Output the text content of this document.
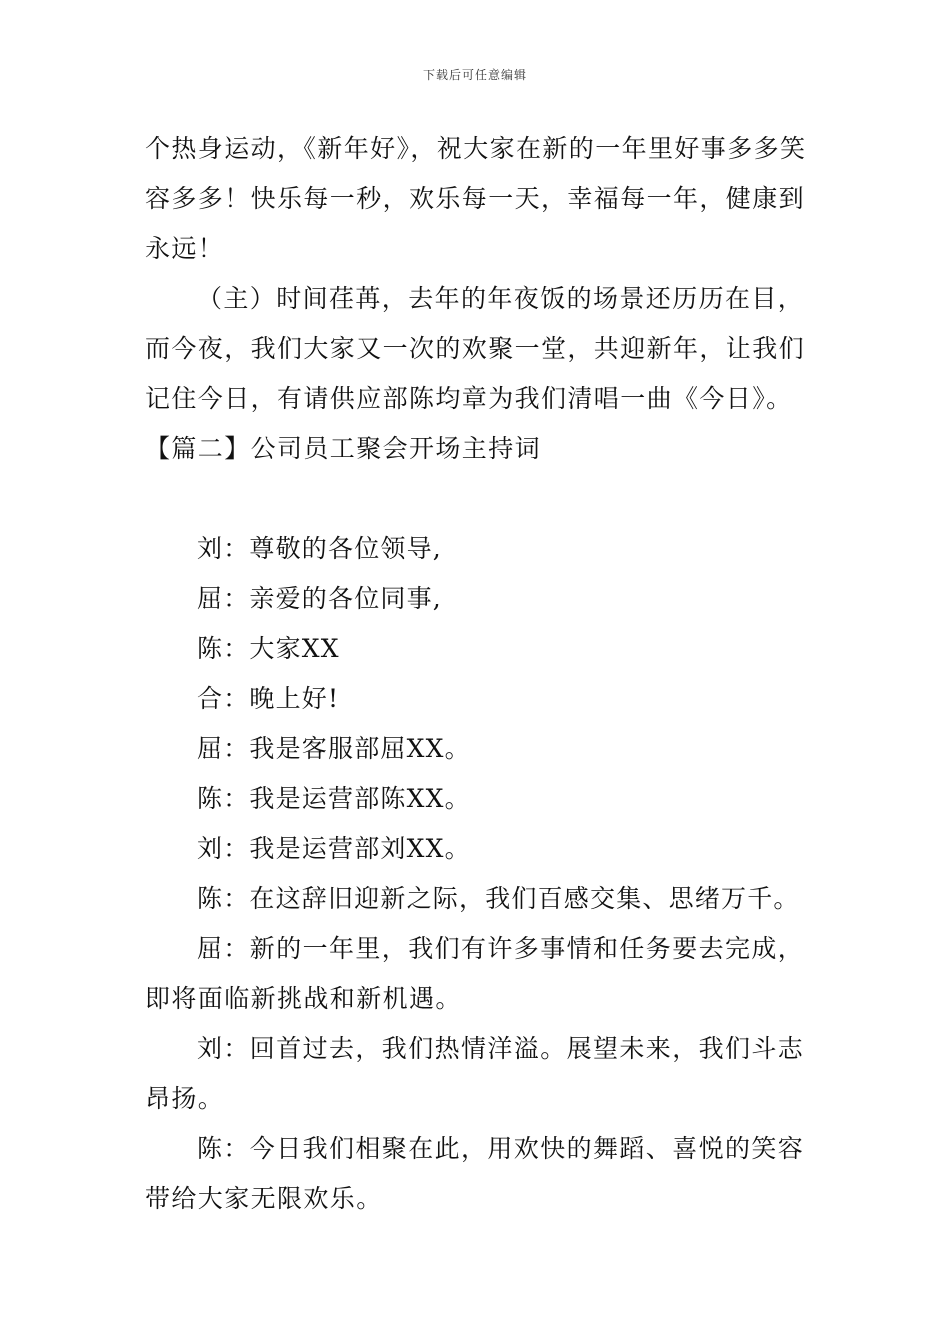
下载后可任意编辑
个热身运动，《新年好》，祝大家在新的一年里好事多多笑容多多！快乐每一秒，欢乐每一天，幸福每一年，健康到永远！
（主）时间荏苒，去年的年夜饭的场景还历历在目，而今夜，我们大家又一次的欢聚一堂，共迎新年，让我们记住今日，有请供应部陈均章为我们清唱一曲《今日》。
【篇二】公司员工聚会开场主持词
刘：尊敬的各位领导,
屈：亲爱的各位同事,
陈：大家XX
合：晚上好!
屈：我是客服部屈XX。
陈：我是运营部陈XX。
刘：我是运营部刘XX。
陈：在这辞旧迎新之际，我们百感交集、思绪万千。
屈：新的一年里，我们有许多事情和任务要去完成，即将面临新挑战和新机遇。
刘：回首过去，我们热情洋溢。展望未来，我们斗志昂扬。
陈：今日我们相聚在此，用欢快的舞蹈、喜悦的笑容带给大家无限欢乐。
